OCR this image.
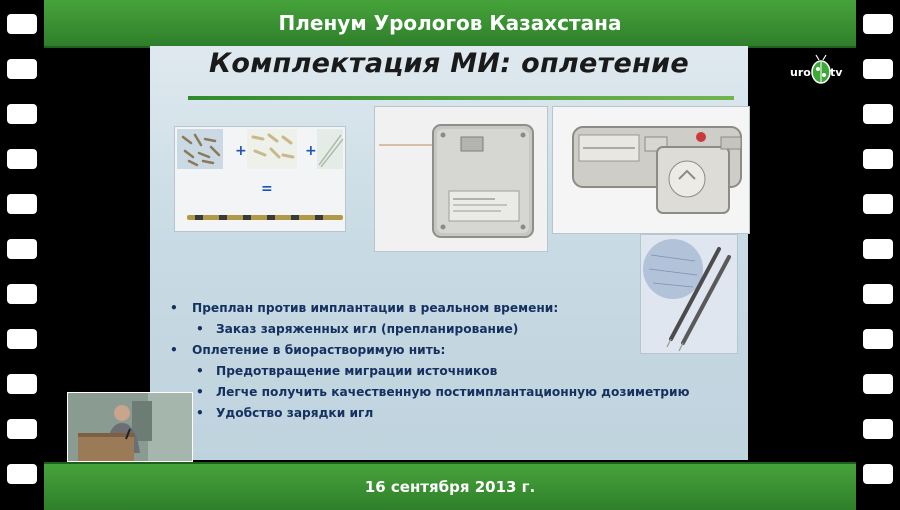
Пленум Урологов Казахстана
uro tv
Комплектация МИ: оплетение
+	+
=
• Преплан против имплантации в реальном времени:
• Заказ заряженных игл (препланирование)
• Оплетение в биорастворимую нить:
• Предотвращение миграции источников
• Легче получить качественную постимплантационную дозиметрию
• Удобство зарядки игл
16 сентября 2013 г.
